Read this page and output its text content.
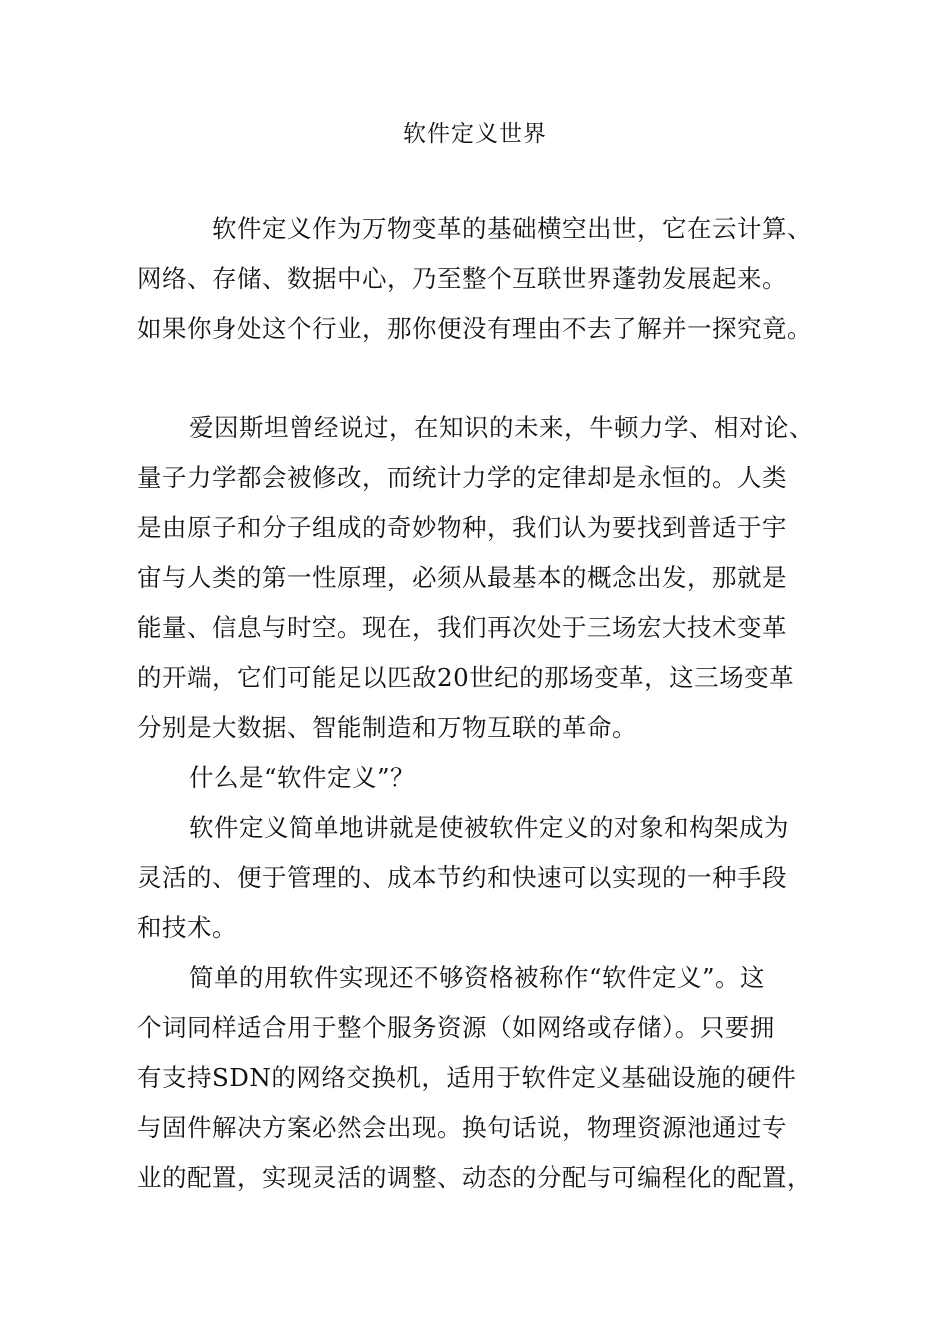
软件定义世界
软件定义作为万物变革的基础横空出世，它在云计算、
网络、存储、数据中心，乃至整个互联世界蓬勃发展起来。
如果你身处这个行业，那你便没有理由不去了解并一探究竟。
爱因斯坦曾经说过，在知识的未来，牛顿力学、相对论、
量子力学都会被修改，而统计力学的定律却是永恒的。人类
是由原子和分子组成的奇妙物种，我们认为要找到普适于宇
宙与人类的第一性原理，必须从最基本的概念出发，那就是
能量、信息与时空。现在，我们再次处于三场宏大技术变革
的开端，它们可能足以匹敌20世纪的那场变革，这三场变革
分别是大数据、智能制造和万物互联的革命。
什么是“软件定义”？
软件定义简单地讲就是使被软件定义的对象和构架成为
灵活的、便于管理的、成本节约和快速可以实现的一种手段
和技术。
简单的用软件实现还不够资格被称作“软件定义”。这
个词同样适合用于整个服务资源（如网络或存储）。只要拥
有支持SDN的网络交换机，适用于软件定义基础设施的硬件
与固件解决方案必然会出现。换句话说，物理资源池通过专
业的配置，实现灵活的调整、动态的分配与可编程化的配置，
